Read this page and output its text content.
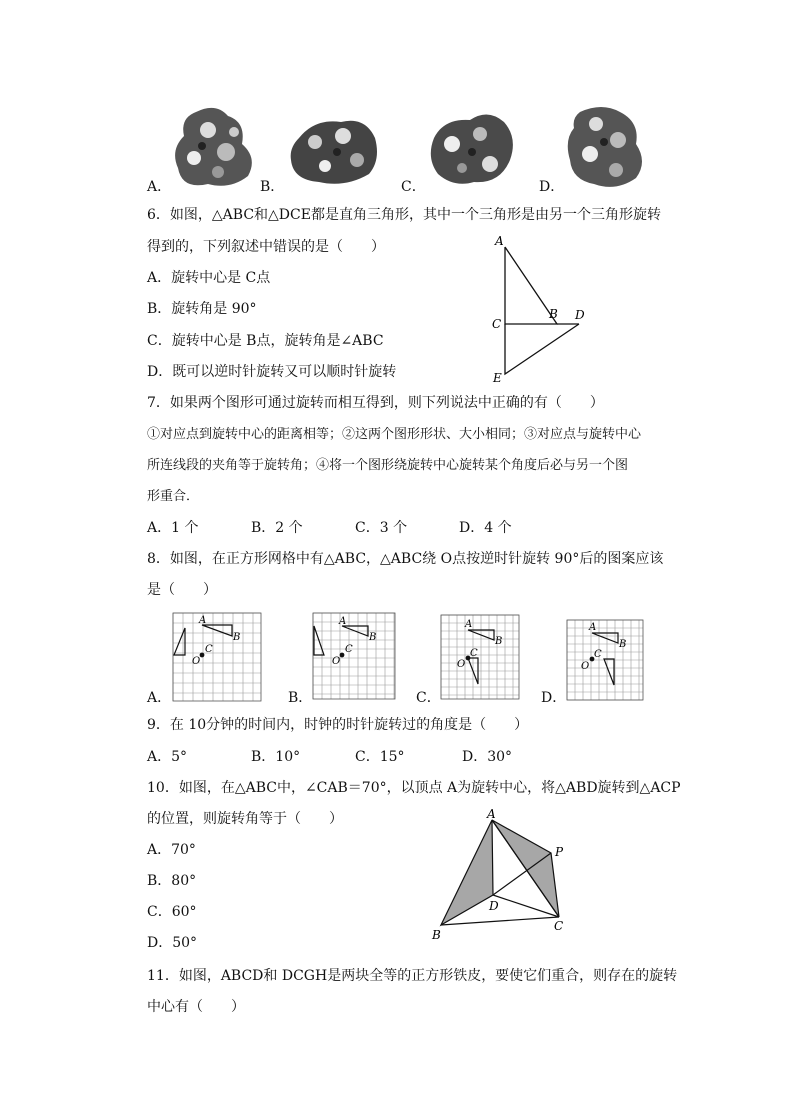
A．	B．	C．	D．
6．如图，△ABC和△DCE都是直角三角形，其中一个三角形是由另一个三角形旋转
得到的，下列叙述中错误的是（　　）
A．旋转中心是 C点
B．旋转角是 90°
C．旋转中心是 B点，旋转角是∠ABC
D．既可以逆时针旋转又可以顺时针旋转
A
B
C
D
E
7．如果两个图形可通过旋转而相互得到，则下列说法中正确的有（　　）
①对应点到旋转中心的距离相等；②这两个图形形状、大小相同；③对应点与旋转中心
所连线段的夹角等于旋转角；④将一个图形绕旋转中心旋转某个角度后必与另一个图
形重合．
A．1 个	B．2 个	C．3 个	D．4 个
8．如图，在正方形网格中有△ABC，△ABC绕 O点按逆时针旋转 90°后的图案应该
是（　　）
A
B
C
O
A
B
C
O
A
B
C
O
A
B
C
O
A．	B．	C．	D．
9．在 10分钟的时间内，时钟的时针旋转过的角度是（　　）
A．5°	B．10°	C．15°	D．30°
10．如图，在△ABC中，∠CAB＝70°，以顶点 A为旋转中心，将△ABD旋转到△ACP
的位置，则旋转角等于（　　）
A．70°
B．80°
C．60°
D．50°
A
B
C
D
P
11．如图，ABCD和 DCGH是两块全等的正方形铁皮，要使它们重合，则存在的旋转
中心有（　　）
